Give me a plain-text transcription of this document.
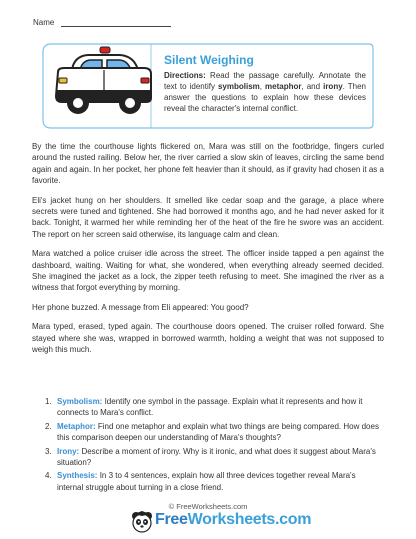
Name
Silent Weighing
Directions: Read the passage carefully. Annotate the text to identify symbolism, metaphor, and irony. Then answer the questions to explain how these devices reveal the character's internal conflict.

By the time the courthouse lights flickered on, Mara was still on the footbridge, fingers curled around the rusted railing. Below her, the river carried a slow skin of leaves, circling the same bend again and again. In her pocket, her phone felt heavier than it should, as if gravity had chosen it as a favorite.

Eli's jacket hung on her shoulders. It smelled like cedar soap and the garage, a place where secrets were tuned and tightened. She had borrowed it months ago, and he had never asked for it back. Tonight, it warmed her while reminding her of the heat of the fire he swore was an accident. The report on her screen said otherwise, its language calm and clean.

Mara watched a police cruiser idle across the street. The officer inside tapped a pen against the dashboard, waiting. Waiting for what, she wondered, when everything already seemed decided. She imagined the jacket as a lock, the zipper teeth refusing to meet. She imagined the river as a witness that forgot everything by morning.

Her phone buzzed. A message from Eli appeared: You good?

Mara typed, erased, typed again. The courthouse doors opened. The cruiser rolled forward. She stayed where she was, wrapped in borrowed warmth, holding a weight that was not supposed to weigh this much.

1. Symbolism: Identify one symbol in the passage. Explain what it represents and how it connects to Mara's conflict.
2. Metaphor: Find one metaphor and explain what two things are being compared. How does this comparison deepen our understanding of Mara's thoughts?
3. Irony: Describe a moment of irony. Why is it ironic, and what does it suggest about Mara's situation?
4. Synthesis: In 3 to 4 sentences, explain how all three devices together reveal Mara's internal struggle about turning in a close friend.
© FreeWorksheets.com
FreeWorksheets.com
